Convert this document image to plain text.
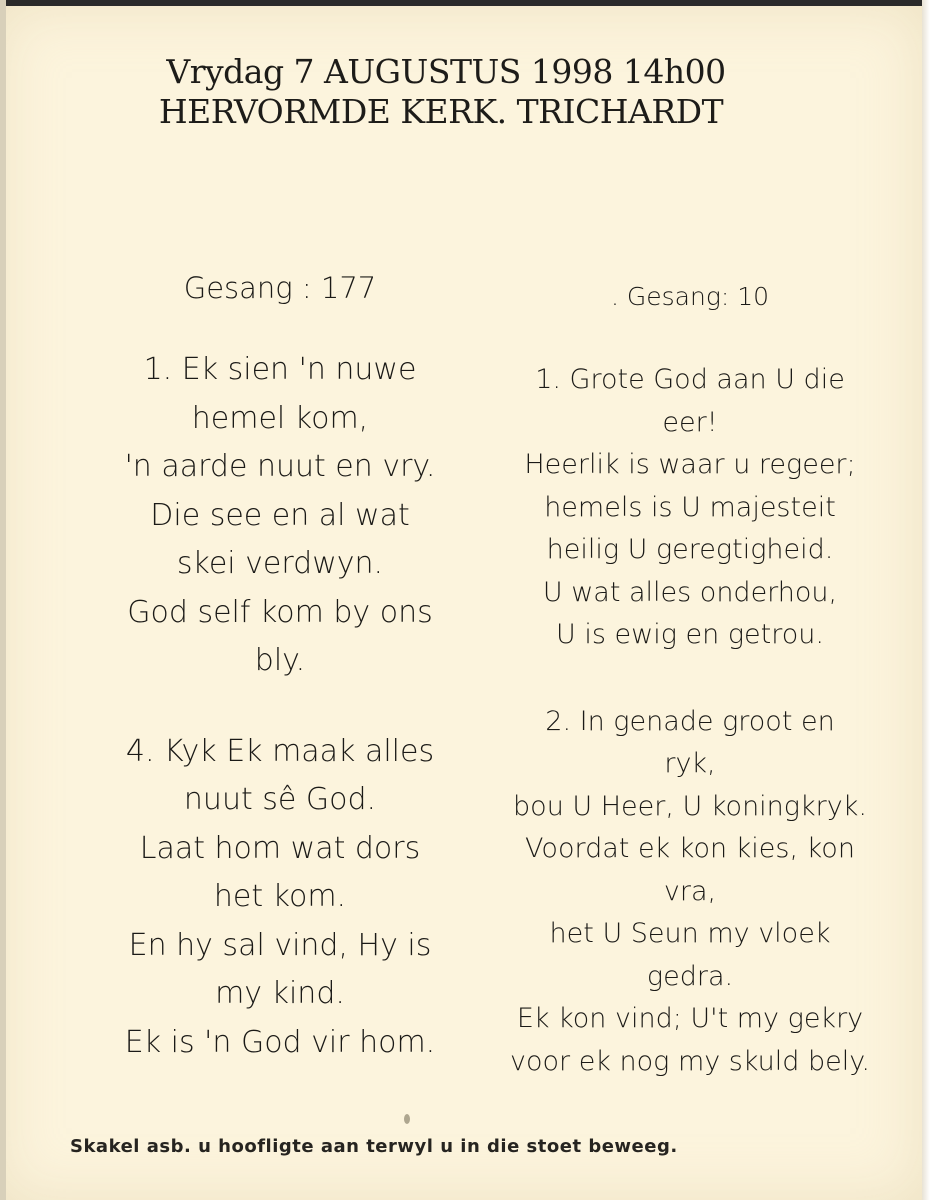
Vrydag 7 AUGUSTUS 1998 14h00
HERVORMDE KERK. TRICHARDT
Gesang : 177
1. Ek sien 'n nuwe
hemel kom,
'n aarde nuut en vry.
Die see en al wat
skei verdwyn.
God self kom by ons
bly.
4. Kyk Ek maak alles
nuut sê God.
Laat hom wat dors
het kom.
En hy sal vind, Hy is
my kind.
Ek is 'n God vir hom.
. Gesang: 10
1. Grote God aan U die
eer!
Heerlik is waar u regeer;
hemels is U majesteit
heilig U geregtigheid.
U wat alles onderhou,
U is ewig en getrou.
2. In genade groot en
ryk,
bou U Heer, U koningkryk.
Voordat ek kon kies, kon
vra,
het U Seun my vloek
gedra.
Ek kon vind; U't my gekry
voor ek nog my skuld bely.
Skakel asb. u hoofligte aan terwyl u in die stoet beweeg.
